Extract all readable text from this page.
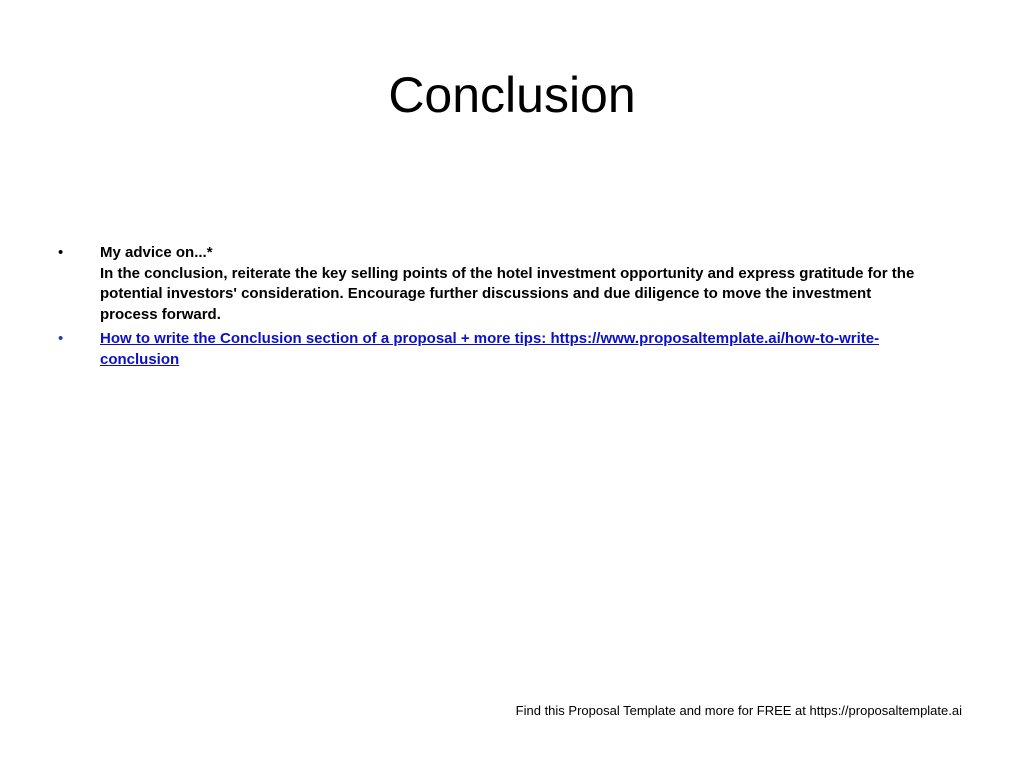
Conclusion
• My advice on...*
In the conclusion, reiterate the key selling points of the hotel investment opportunity and express gratitude for the potential investors' consideration. Encourage further discussions and due diligence to move the investment process forward.
• How to write the Conclusion section of a proposal + more tips: https://www.proposaltemplate.ai/how-to-write-conclusion
Find this Proposal Template and more for FREE at https://proposaltemplate.ai
